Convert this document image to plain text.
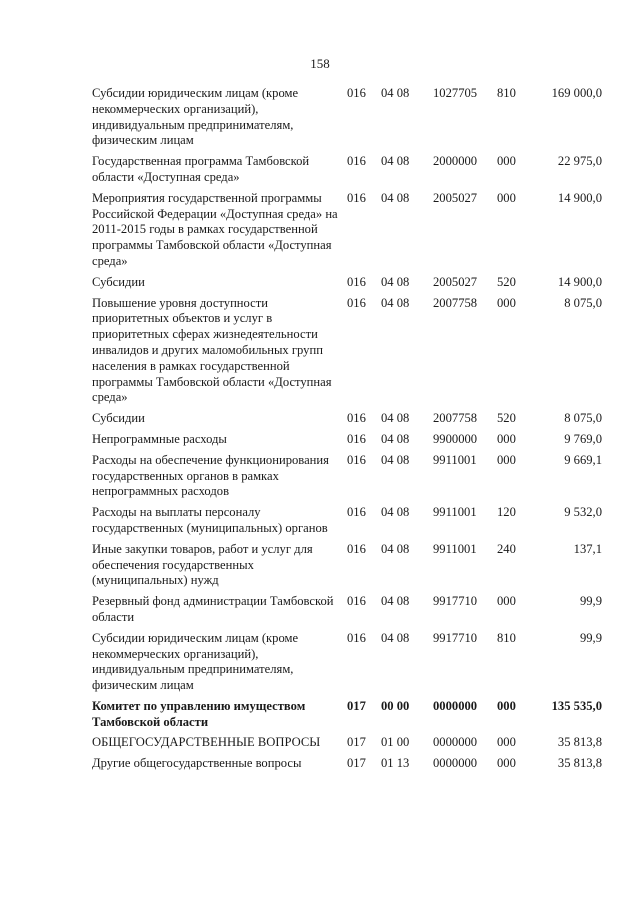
158
Субсидии юридическим лицам (кроме некоммерческих организаций), индивидуальным предпринимателям, физическим лицам	016	04 08	1027705	810	169 000,0
Государственная программа Тамбовской области «Доступная среда»	016	04 08	2000000	000	22 975,0
Мероприятия государственной программы Российской Федерации «Доступная среда» на 2011-2015 годы в рамках государственной программы Тамбовской области «Доступная среда»	016	04 08	2005027	000	14 900,0
Субсидии	016	04 08	2005027	520	14 900,0
Повышение уровня доступности приоритетных объектов и услуг в приоритетных сферах жизнедеятельности инвалидов и других маломобильных групп населения в рамках государственной программы Тамбовской области «Доступная среда»	016	04 08	2007758	000	8 075,0
Субсидии	016	04 08	2007758	520	8 075,0
Непрограммные расходы	016	04 08	9900000	000	9 769,0
Расходы на обеспечение функционирования государственных органов в рамках непрограммных расходов	016	04 08	9911001	000	9 669,1
Расходы на выплаты персоналу государственных (муниципальных) органов	016	04 08	9911001	120	9 532,0
Иные закупки товаров, работ и услуг для обеспечения государственных (муниципальных) нужд	016	04 08	9911001	240	137,1
Резервный фонд администрации Тамбовской области	016	04 08	9917710	000	99,9
Субсидии юридическим лицам (кроме некоммерческих организаций), индивидуальным предпринимателям, физическим лицам	016	04 08	9917710	810	99,9
Комитет по управлению имуществом Тамбовской области	017	00 00	0000000	000	135 535,0
ОБЩЕГОСУДАРСТВЕННЫЕ ВОПРОСЫ	017	01 00	0000000	000	35 813,8
Другие общегосударственные вопросы	017	01 13	0000000	000	35 813,8
